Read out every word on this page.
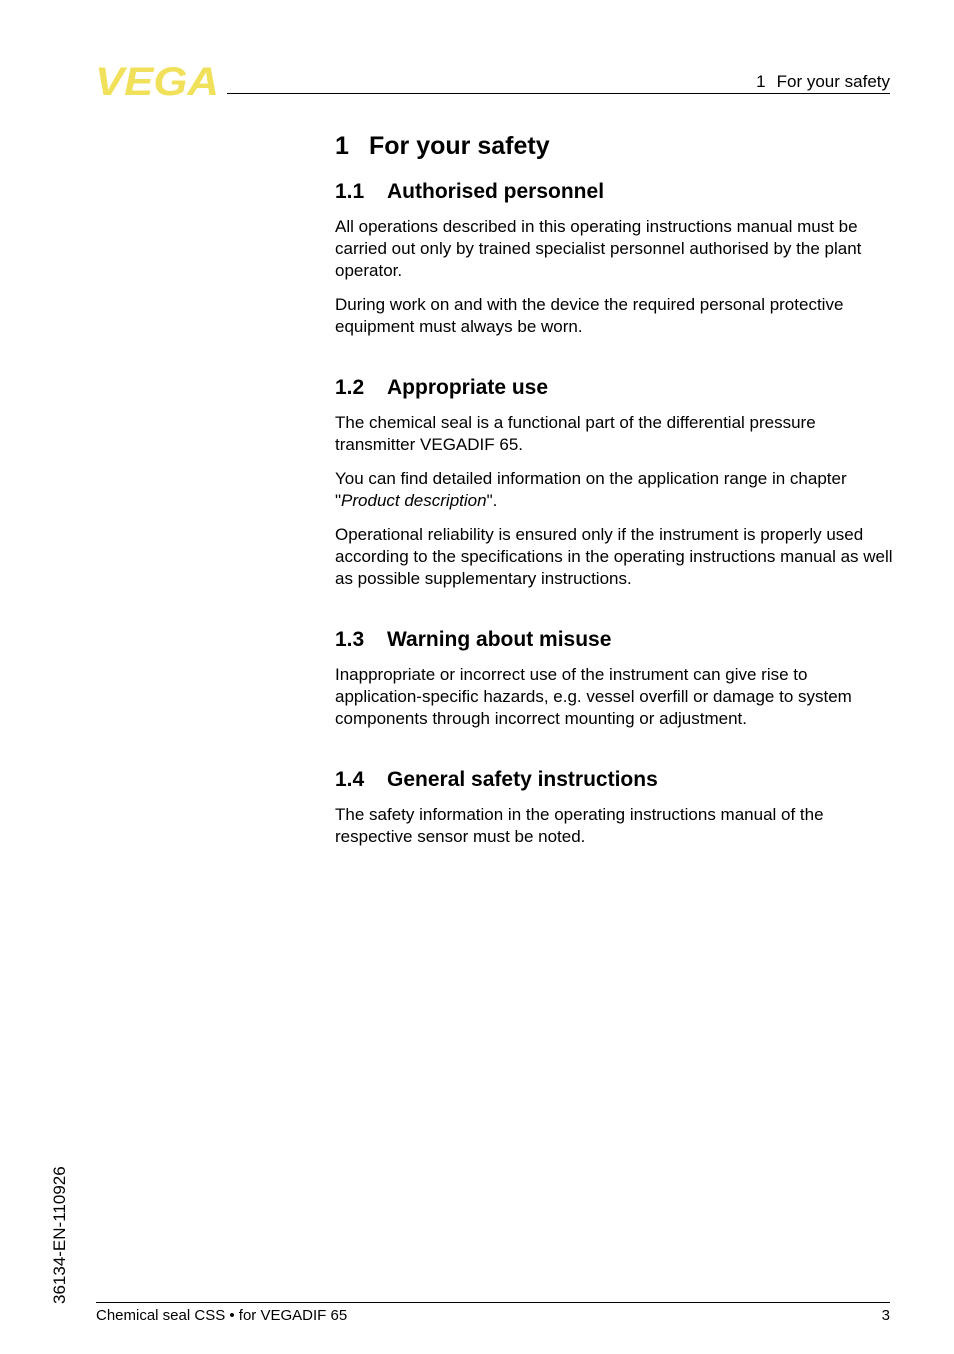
VEGA	1 For your safety
1 For your safety
1.1 Authorised personnel

All operations described in this operating instructions manual must be carried out only by trained specialist personnel authorised by the plant operator.

During work on and with the device the required personal protective equipment must always be worn.

1.2 Appropriate use

The chemical seal is a functional part of the differential pressure transmitter VEGADIF 65.

You can find detailed information on the application range in chapter "Product description".

Operational reliability is ensured only if the instrument is properly used according to the specifications in the operating instructions manual as well as possible supplementary instructions.

1.3 Warning about misuse

Inappropriate or incorrect use of the instrument can give rise to application-specific hazards, e.g. vessel overfill or damage to system components through incorrect mounting or adjustment.

1.4 General safety instructions

The safety information in the operating instructions manual of the respective sensor must be noted.

36134-EN-110926
Chemical seal CSS • for VEGADIF 65	3
